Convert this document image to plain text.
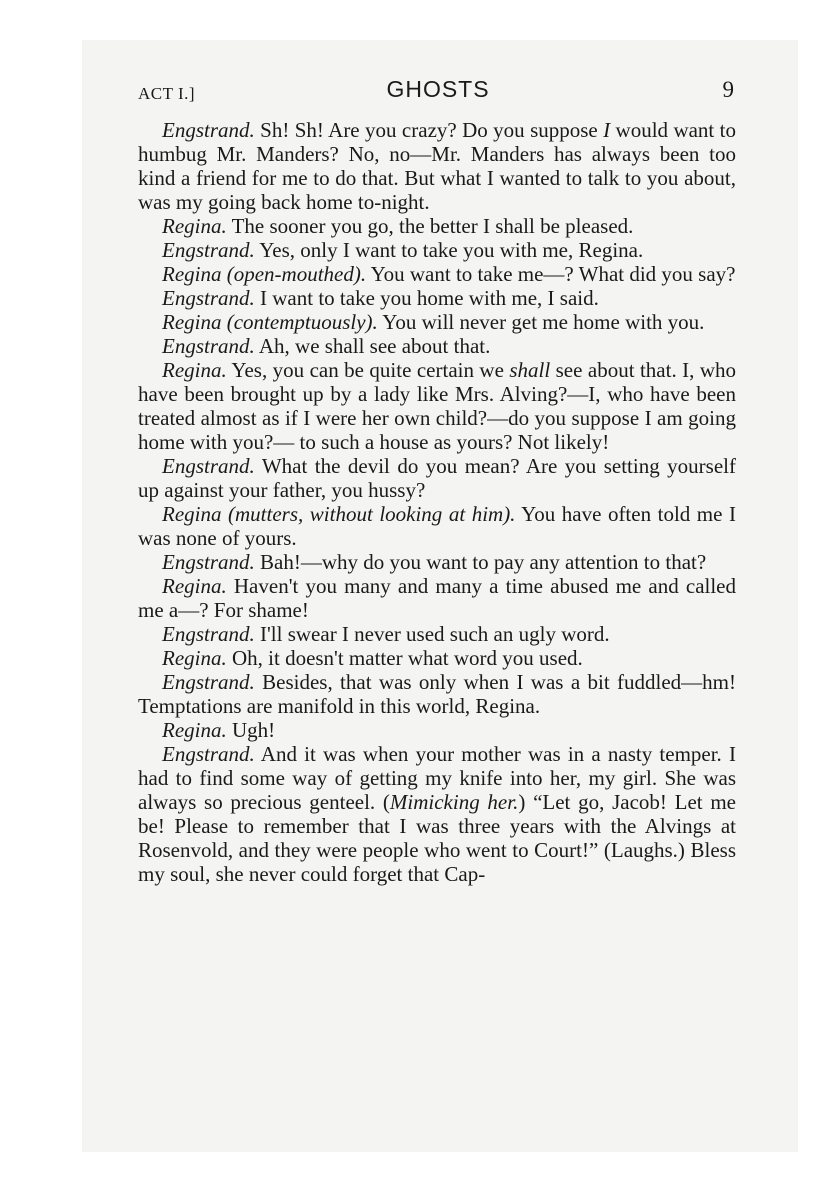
ACT I.]	GHOSTS	9

Engstrand. Sh! Sh! Are you crazy? Do you suppose I would want to humbug Mr. Manders? No, no—Mr. Manders has always been too kind a friend for me to do that. But what I wanted to talk to you about, was my going back home to-night.

Regina. The sooner you go, the better I shall be pleased.

Engstrand. Yes, only I want to take you with me, Regina.

Regina (open-mouthed). You want to take me—? What did you say?

Engstrand. I want to take you home with me, I said.

Regina (contemptuously). You will never get me home with you.

Engstrand. Ah, we shall see about that.

Regina. Yes, you can be quite certain we shall see about that. I, who have been brought up by a lady like Mrs. Alving?—I, who have been treated almost as if I were her own child?—do you suppose I am going home with you?— to such a house as yours? Not likely!

Engstrand. What the devil do you mean? Are you setting yourself up against your father, you hussy?

Regina (mutters, without looking at him). You have often told me I was none of yours.

Engstrand. Bah!—why do you want to pay any attention to that?

Regina. Haven't you many and many a time abused me and called me a—? For shame!

Engstrand. I'll swear I never used such an ugly word.

Regina. Oh, it doesn't matter what word you used.

Engstrand. Besides, that was only when I was a bit fuddled—hm! Temptations are manifold in this world, Regina.

Regina. Ugh!

Engstrand. And it was when your mother was in a nasty temper. I had to find some way of getting my knife into her, my girl. She was always so precious genteel. (Mimicking her.) “Let go, Jacob! Let me be! Please to remember that I was three years with the Alvings at Rosenvold, and they were people who went to Court!” (Laughs.) Bless my soul, she never could forget that Cap-
